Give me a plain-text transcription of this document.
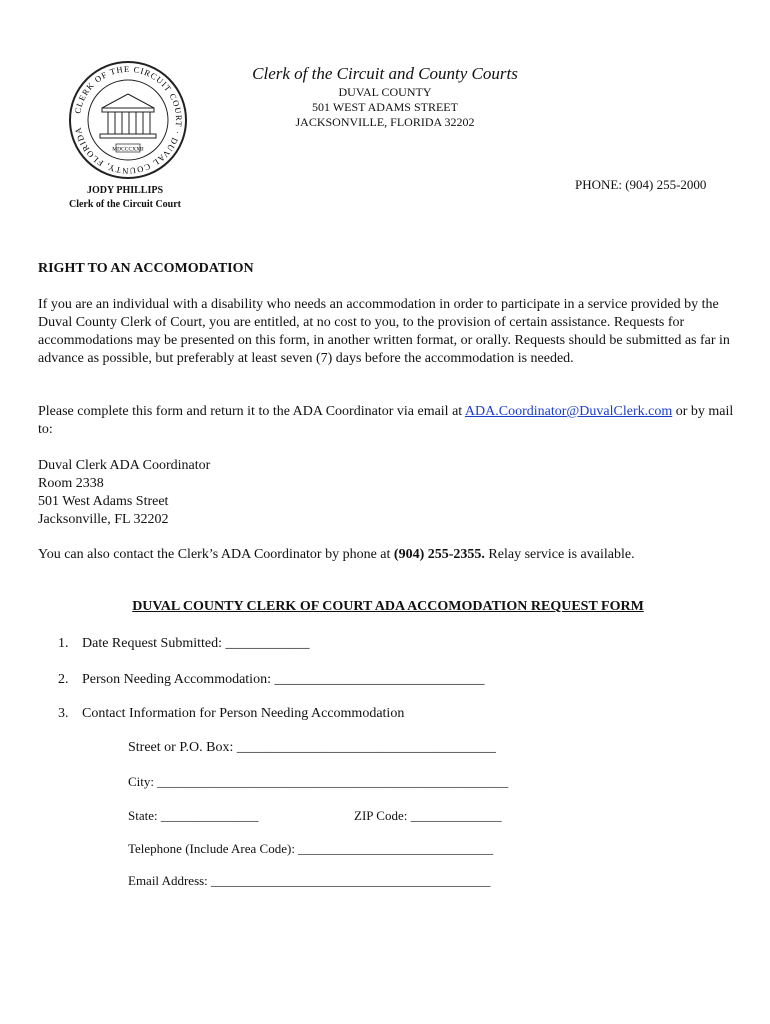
CLERK OF THE CIRCUIT COURT · DUVAL COUNTY, FLORIDA
MDCCCXXII
Clerk of the Circuit and County Courts
DUVAL COUNTY
501 WEST ADAMS STREET
JACKSONVILLE, FLORIDA 32202
PHONE: (904) 255-2000
JODY PHILLIPS
Clerk of the Circuit Court
RIGHT TO AN ACCOMODATION
If you are an individual with a disability who needs an accommodation in order to participate in a service provided by the Duval County Clerk of Court, you are entitled, at no cost to you, to the provision of certain assistance. Requests for accommodations may be presented on this form, in another written format, or orally. Requests should be submitted as far in advance as possible, but preferably at least seven (7) days before the accommodation is needed.
Please complete this form and return it to the ADA Coordinator via email at ADA.Coordinator@DuvalClerk.com or by mail to:
Duval Clerk ADA Coordinator
Room 2338
501 West Adams Street
Jacksonville, FL 32202
You can also contact the Clerk’s ADA Coordinator by phone at (904) 255-2355. Relay service is available.
DUVAL COUNTY CLERK OF COURT ADA ACCOMODATION REQUEST FORM
1. Date Request Submitted: ____________
2. Person Needing Accommodation: ______________________________
3. Contact Information for Person Needing Accommodation
Street or P.O. Box: _____________________________________
City: ______________________________________________________
State: _______________	ZIP Code: ______________
Telephone (Include Area Code): ______________________________
Email Address: ___________________________________________
